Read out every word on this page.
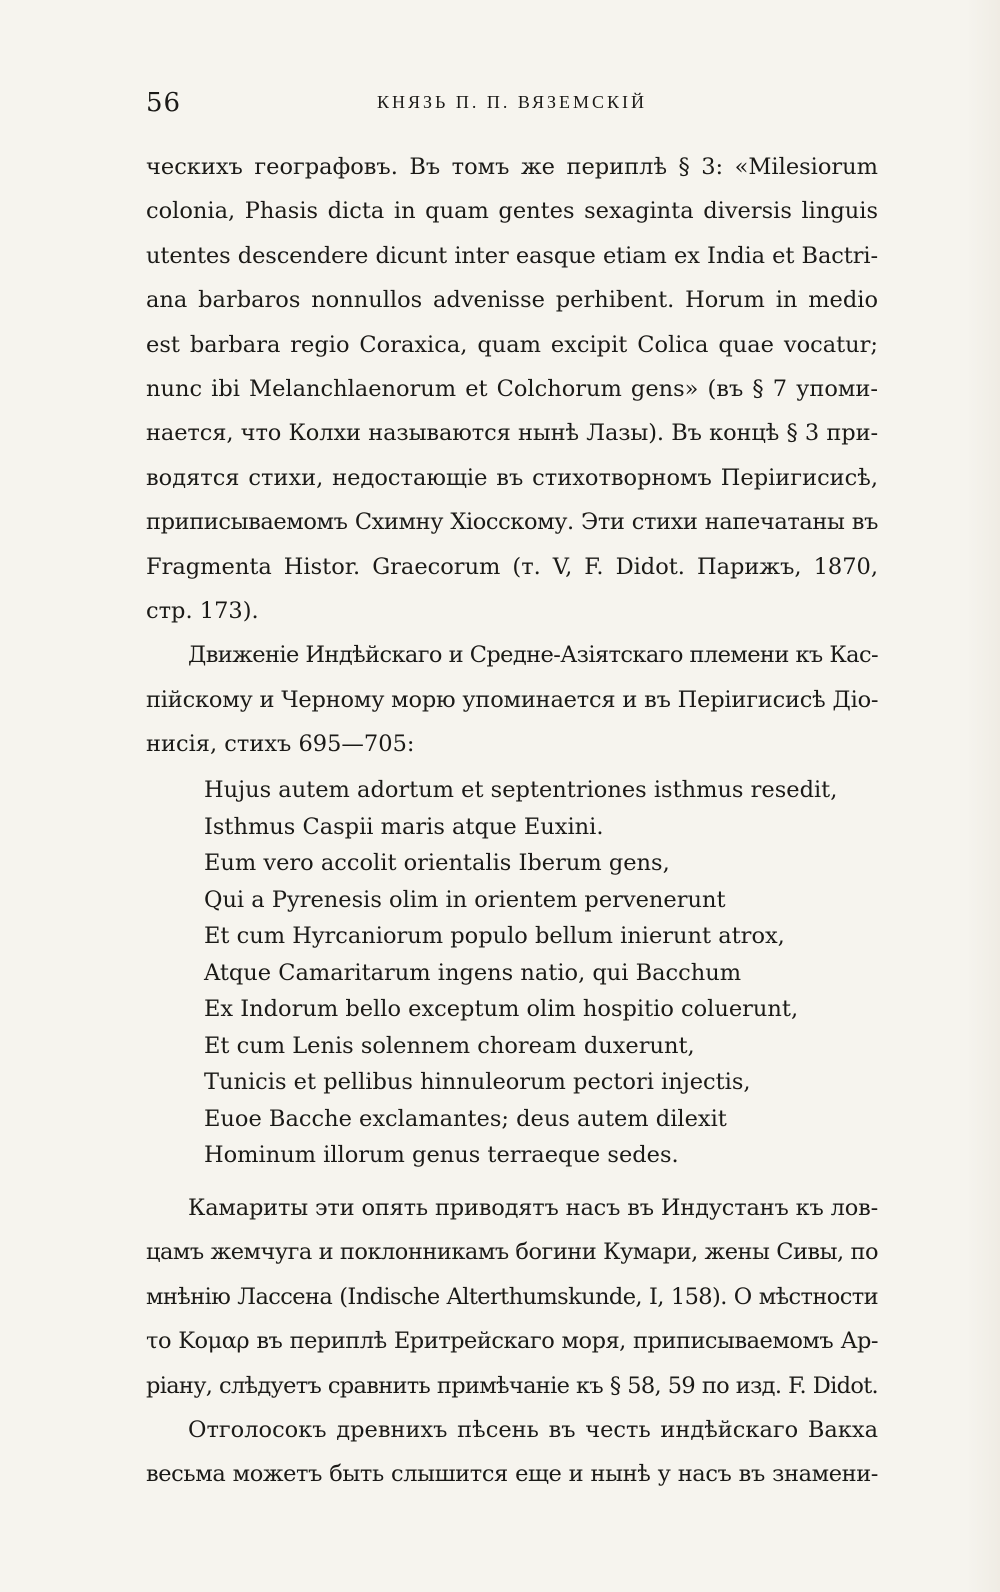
56	КНЯЗЬ П. П. ВЯЗЕМСКІЙ
ческихъ географовъ. Въ томъ же периплѣ § 3: «Milesiorum
colonia, Phasis dicta in quam gentes sexaginta diversis linguis
utentes descendere dicunt inter easque etiam ex India et Bactri-
ana barbaros nonnullos advenisse perhibent. Horum in medio
est barbara regio Coraxica, quam excipit Colica quae vocatur;
nunc ibi Melanchlaenorum et Colchorum gens» (въ § 7 упоми-
нается, что Колхи называются нынѣ Лазы). Въ концѣ § 3 при-
водятся стихи, недостающіе въ стихотворномъ Періигисисѣ,
приписываемомъ Схимну Хіосскому. Эти стихи напечатаны въ
Fragmenta Histor. Graecorum (т. V, F. Didot. Парижъ, 1870,
стр. 173).
Движеніе Индѣйскаго и Средне-Азіятскаго племени къ Кас-
пійскому и Черному морю упоминается и въ Періигисисѣ Діо-
нисія, стихъ 695—705:
Hujus autem adortum et septentriones isthmus resedit,
Isthmus Caspii maris atque Euxini.
Eum vero accolit orientalis Iberum gens,
Qui a Pyrenesis olim in orientem pervenerunt
Et cum Hyrcaniorum populo bellum inierunt atrox,
Atque Camaritarum ingens natio, qui Bacchum
Ex Indorum bello exceptum olim hospitio coluerunt,
Et cum Lenis solennem choream duxerunt,
Tunicis et pellibus hinnuleorum pectori injectis,
Euoe Bacche exclamantes; deus autem dilexit
Hominum illorum genus terraeque sedes.
Камариты эти опять приводятъ насъ въ Индустанъ къ лов-
цамъ жемчуга и поклонникамъ богини Кумари, жены Сивы, по
мнѣнію Лассена (Indische Alterthumskunde, I, 158). О мѣстности
το Κομαρ въ периплѣ Еритрейскаго моря, приписываемомъ Ар-
ріану, слѣдуетъ сравнить примѣчаніе къ § 58, 59 по изд. F. Didot.
Отголосокъ древнихъ пѣсень въ честь индѣйскаго Вакха
весьма можетъ быть слышится еще и нынѣ у насъ въ знамени-
